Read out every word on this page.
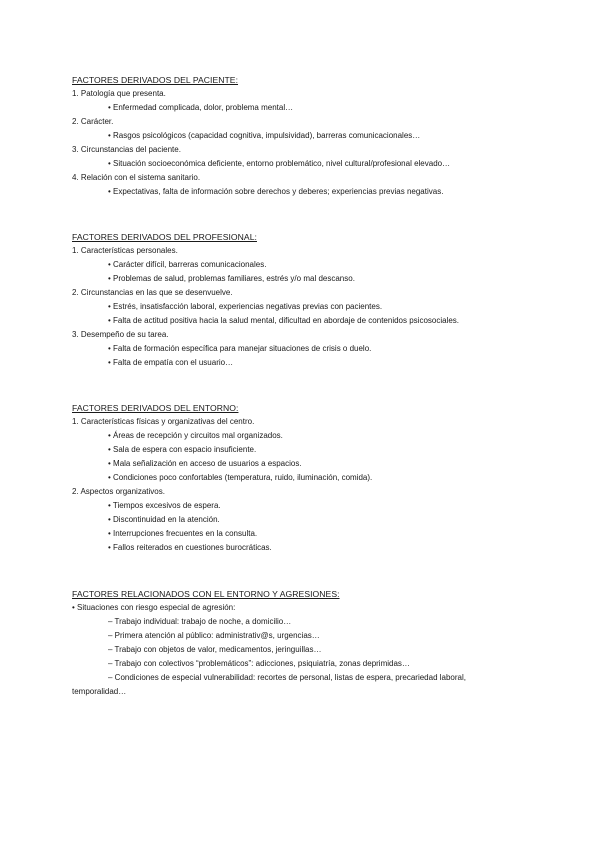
FACTORES DERIVADOS DEL PACIENTE:
1. Patología que presenta.
• Enfermedad complicada, dolor, problema mental…
2. Carácter.
• Rasgos psicológicos (capacidad cognitiva, impulsividad), barreras comunicacionales…
3. Circunstancias del paciente.
• Situación socioeconómica deficiente, entorno problemático, nivel cultural/profesional elevado…
4. Relación con el sistema sanitario.
• Expectativas, falta de información sobre derechos y deberes; experiencias previas negativas.
FACTORES DERIVADOS DEL PROFESIONAL:
1. Características personales.
• Carácter difícil, barreras comunicacionales.
• Problemas de salud, problemas familiares, estrés y/o mal descanso.
2. Circunstancias en las que se desenvuelve.
• Estrés, insatisfacción laboral, experiencias negativas previas con pacientes.
• Falta de actitud positiva hacia la salud mental, dificultad en abordaje de contenidos psicosociales.
3. Desempeño de su tarea.
• Falta de formación específica para manejar situaciones de crisis o duelo.
• Falta de empatía con el usuario…
FACTORES DERIVADOS DEL ENTORNO:
1. Características físicas y organizativas del centro.
• Áreas de recepción y circuitos mal organizados.
• Sala de espera con espacio insuficiente.
• Mala señalización en acceso de usuarios a espacios.
• Condiciones poco confortables (temperatura, ruido, iluminación, comida).
2. Aspectos organizativos.
• Tiempos excesivos de espera.
• Discontinuidad en la atención.
• Interrupciones frecuentes en la consulta.
• Fallos reiterados en cuestiones burocráticas.
FACTORES RELACIONADOS CON EL ENTORNO Y AGRESIONES:
• Situaciones con riesgo especial de agresión:
– Trabajo individual: trabajo de noche, a domicilio…
– Primera atención al público: administrativ@s, urgencias…
– Trabajo con objetos de valor, medicamentos, jeringuillas…
– Trabajo con colectivos “problemáticos”: adicciones, psiquiatría, zonas deprimidas…
– Condiciones de especial vulnerabilidad: recortes de personal, listas de espera, precariedad laboral,
temporalidad…
